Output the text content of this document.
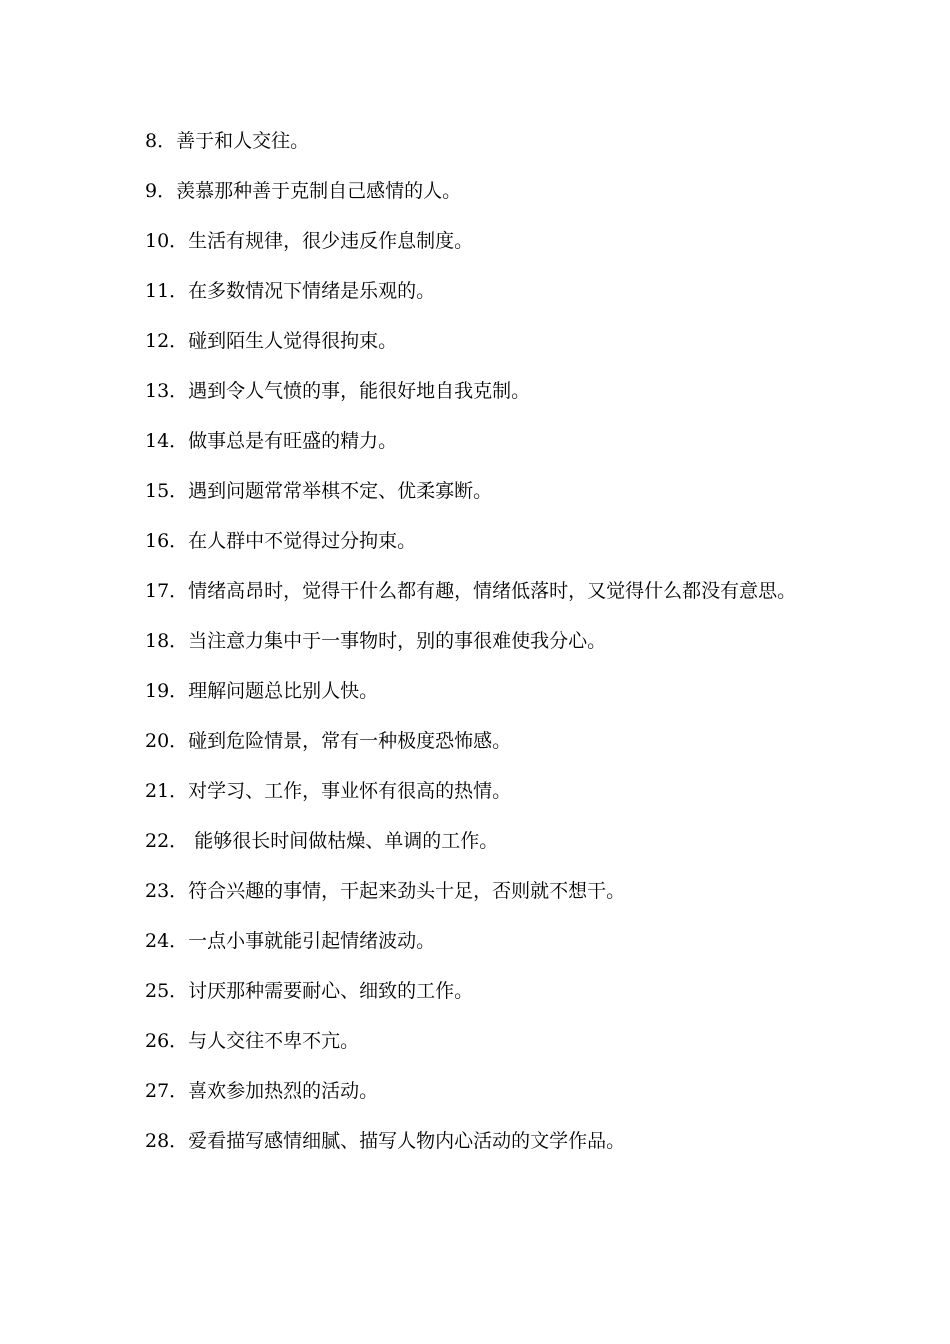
8．善于和人交往。

9．羡慕那种善于克制自己感情的人。

10．生活有规律，很少违反作息制度。

11．在多数情况下情绪是乐观的。

12．碰到陌生人觉得很拘束。

13．遇到令人气愤的事，能很好地自我克制。

14．做事总是有旺盛的精力。

15．遇到问题常常举棋不定、优柔寡断。

16．在人群中不觉得过分拘束。

17．情绪高昂时，觉得干什么都有趣，情绪低落时，又觉得什么都没有意思。

18．当注意力集中于一事物时，别的事很难使我分心。

19．理解问题总比别人快。

20．碰到危险情景，常有一种极度恐怖感。

21．对学习、工作，事业怀有很高的热情。

22． 能够很长时间做枯燥、单调的工作。

23．符合兴趣的事情，干起来劲头十足，否则就不想干。

24．一点小事就能引起情绪波动。

25．讨厌那种需要耐心、细致的工作。

26．与人交往不卑不亢。

27．喜欢参加热烈的活动。

28．爱看描写感情细腻、描写人物内心活动的文学作品。
